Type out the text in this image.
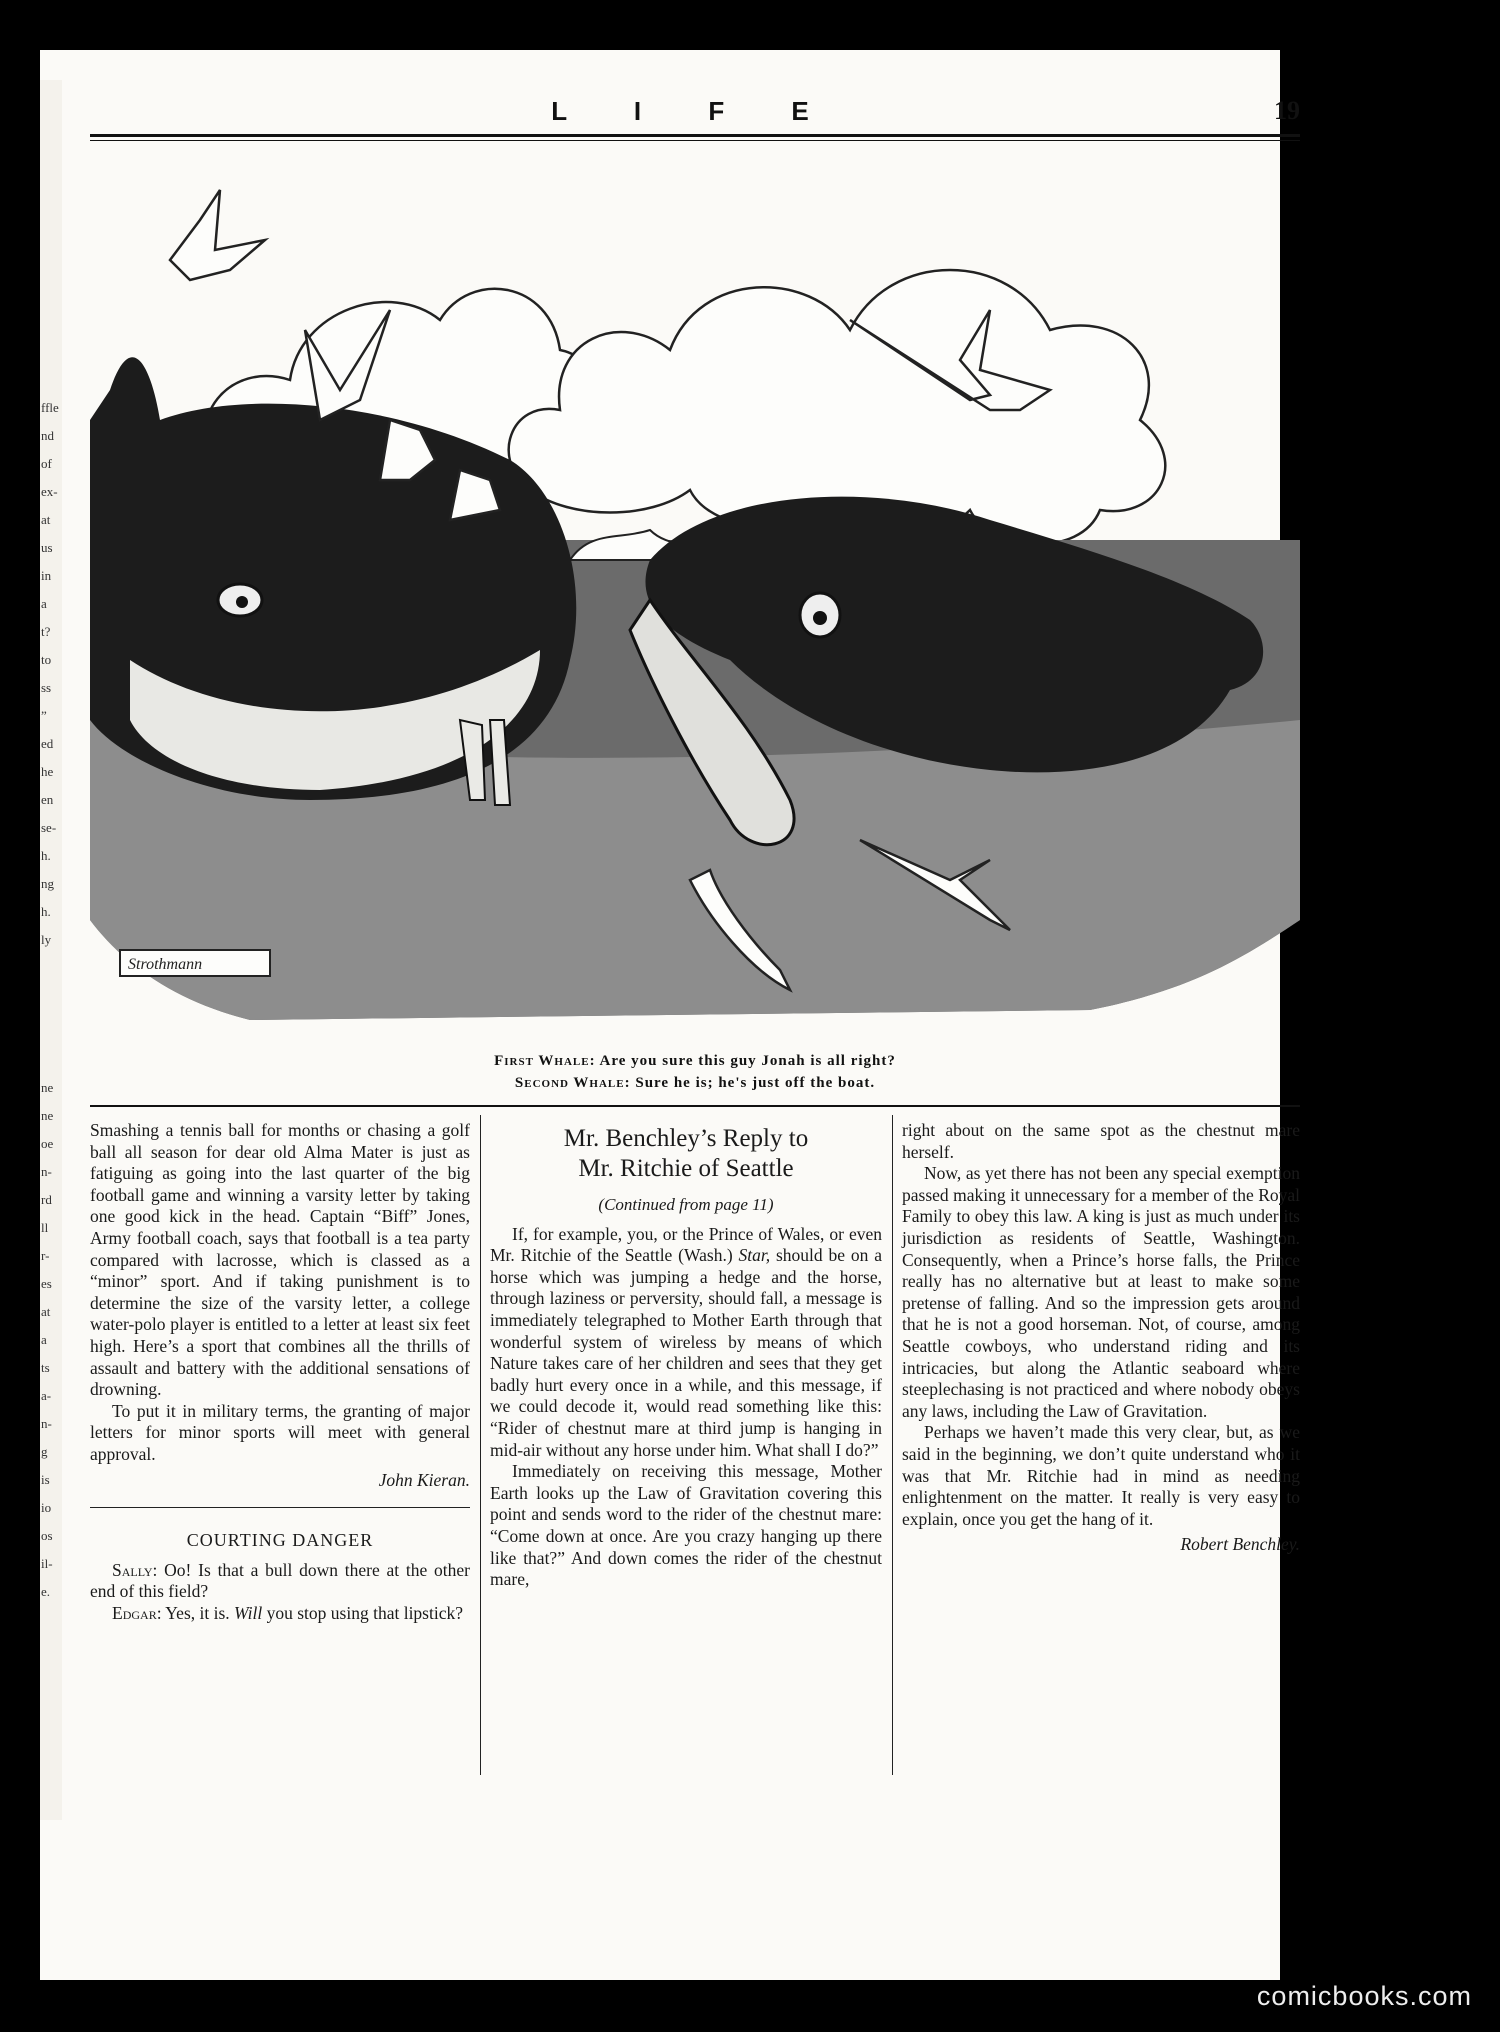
ffle
nd
of
ex-
at
us
in
a
t?
to
ss
”
ed
he
en
se-
h.
ng
h.
ly
ne
ne
oe
n-
rd
ll
r-
es
at
a
ts
a-
n-
g
is
io
os
il-
e.
L I F E	19
Strothmann
First Whale: Are you sure this guy Jonah is all right?
Second Whale: Sure he is; he's just off the boat.

Smashing a tennis ball for months or chasing a golf ball all season for dear old Alma Mater is just as fatiguing as going into the last quarter of the big football game and winning a varsity letter by taking one good kick in the head. Captain “Biff” Jones, Army football coach, says that football is a tea party compared with lacrosse, which is classed as a “minor” sport. And if taking punishment is to determine the size of the varsity letter, a college water-polo player is entitled to a letter at least six feet high. Here’s a sport that combines all the thrills of assault and battery with the additional sensations of drowning.

To put it in military terms, the granting of major letters for minor sports will meet with general approval.

John Kieran.
COURTING DANGER

Sally: Oo! Is that a bull down there at the other end of this field?

Edgar: Yes, it is. Will you stop using that lipstick?

Mr. Benchley’s Reply to
Mr. Ritchie of Seattle
(Continued from page 11)

If, for example, you, or the Prince of Wales, or even Mr. Ritchie of the Seattle (Wash.) Star, should be on a horse which was jumping a hedge and the horse, through laziness or perversity, should fall, a message is immediately telegraphed to Mother Earth through that wonderful system of wireless by means of which Nature takes care of her children and sees that they get badly hurt every once in a while, and this message, if we could decode it, would read something like this: “Rider of chestnut mare at third jump is hanging in mid-air without any horse under him. What shall I do?”

Immediately on receiving this message, Mother Earth looks up the Law of Gravitation covering this point and sends word to the rider of the chestnut mare: “Come down at once. Are you crazy hanging up there like that?” And down comes the rider of the chestnut mare,

right about on the same spot as the chestnut mare herself.

Now, as yet there has not been any special exemption passed making it unnecessary for a member of the Royal Family to obey this law. A king is just as much under its jurisdiction as residents of Seattle, Washington. Consequently, when a Prince’s horse falls, the Prince really has no alternative but at least to make some pretense of falling. And so the impression gets around that he is not a good horseman. Not, of course, among Seattle cowboys, who understand riding and its intricacies, but along the Atlantic seaboard where steeplechasing is not practiced and where nobody obeys any laws, including the Law of Gravitation.

Perhaps we haven’t made this very clear, but, as we said in the beginning, we don’t quite understand who it was that Mr. Ritchie had in mind as needing enlightenment on the matter. It really is very easy to explain, once you get the hang of it.

Robert Benchley.
comicbooks.com
